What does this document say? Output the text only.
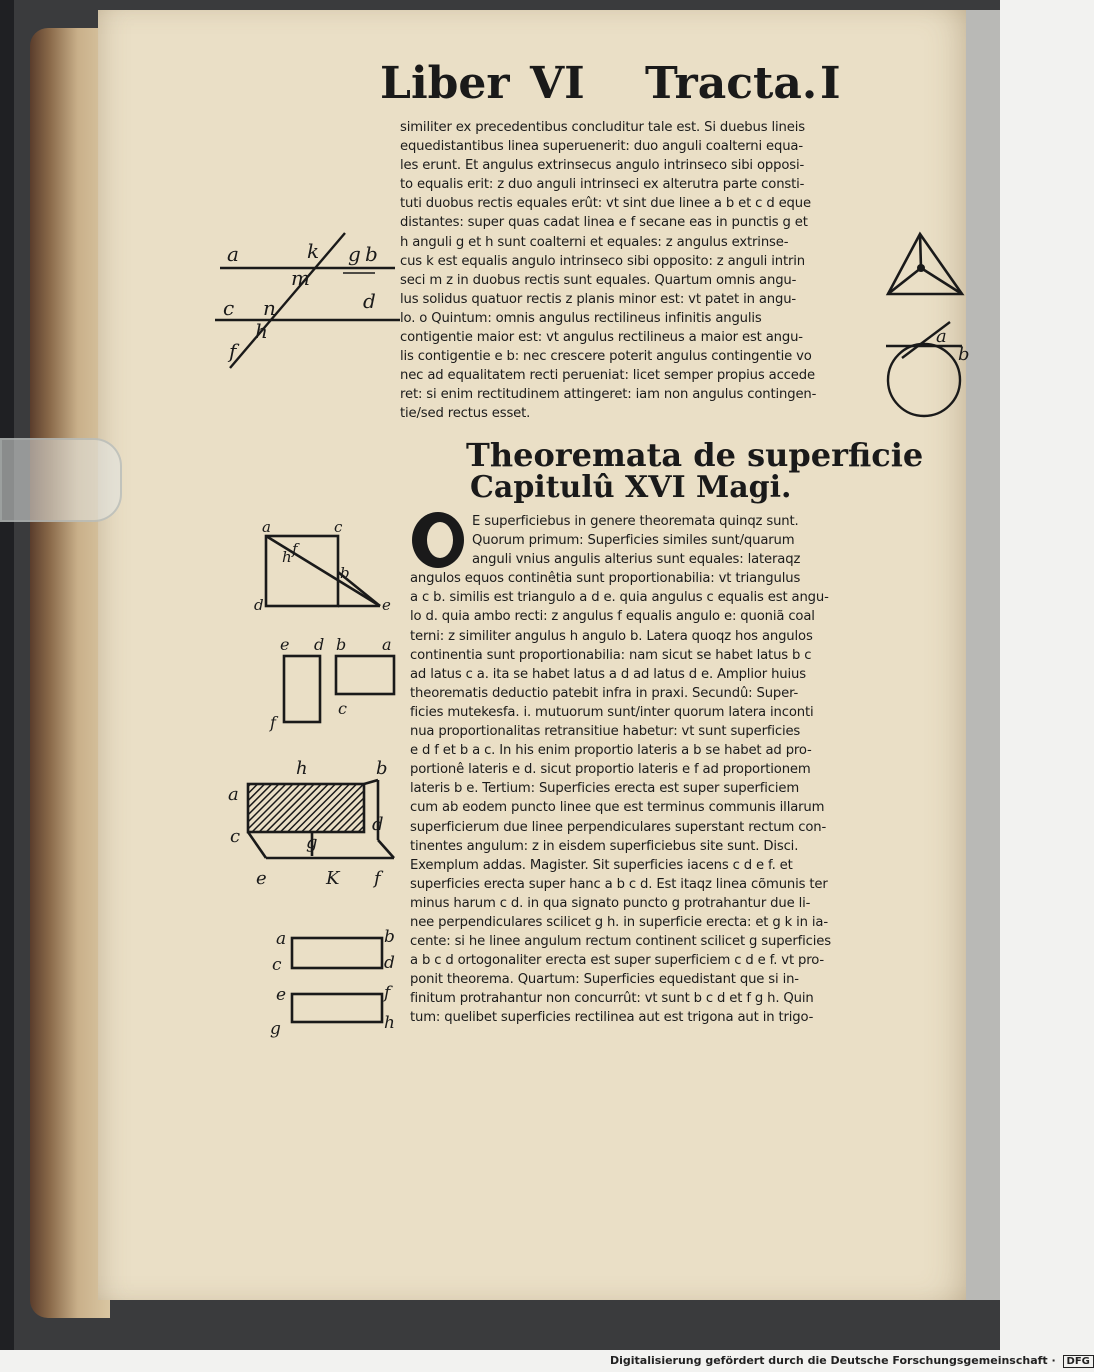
Liber VI Tracta. I
similiter ex precedentibus concluditur tale est. Si duebus lineis
equedistantibus linea superuenerit: duo anguli coalterni equa-
les erunt. Et angulus extrinsecus angulo intrinseco sibi opposi-
to equalis erit: z duo anguli intrinseci ex alterutra parte consti-
tuti duobus rectis equales erût: vt sint due linee a b et c d eque
distantes: super quas cadat linea e f secane eas in punctis g et
h anguli g et h sunt coalterni et equales: z angulus extrinse-
cus k est equalis angulo intrinseco sibi opposito: z anguli intrin
seci m z in duobus rectis sunt equales. Quartum omnis angu-
lus solidus quatuor rectis z planis minor est: vt patet in angu-
lo. o Quintum: omnis angulus rectilineus infinitis angulis
contigentie maior est: vt angulus rectilineus a maior est angu-
lis contigentie e b: nec crescere poterit angulus contingentie vo
nec ad equalitatem recti perueniat: licet semper propius accede
ret: si enim rectitudinem attingeret: iam non angulus contingen-
tie/sed rectus esset.
Theoremata de superficie
Capitulû XVI Magi.
E superficiebus in genere theoremata quinqz sunt.
Quorum primum: Superficies similes sunt/quarum
anguli vnius angulis alterius sunt equales: lateraqz
angulos equos continêtia sunt proportionabilia: vt triangulus
a c b. similis est triangulo a d e. quia angulus c equalis est angu-
lo d. quia ambo recti: z angulus f equalis angulo e: quoniã coal
terni: z similiter angulus h angulo b. Latera quoqz hos angulos
continentia sunt proportionabilia: nam sicut se habet latus b c
ad latus c a. ita se habet latus a d ad latus d e. Amplior huius
theorematis deductio patebit infra in praxi. Secundû: Super-
ficies mutekesfa. i. mutuorum sunt/inter quorum latera inconti
nua proportionalitas retransitiue habetur: vt sunt superficies
e d f et b a c. In his enim proportio lateris a b se habet ad pro-
portionê lateris e d. sicut proportio lateris e f ad proportionem
lateris b e. Tertium: Superficies erecta est super superficiem
cum ab eodem puncto linee que est terminus communis illarum
superficierum due linee perpendiculares superstant rectum con-
tinentes angulum: z in eisdem superficiebus site sunt. Disci.
Exemplum addas. Magister. Sit superficies iacens c d e f. et
superficies erecta super hanc a b c d. Est itaqz linea cõmunis ter
minus harum c d. in qua signato puncto g protrahantur due li-
nee perpendiculares scilicet g h. in superficie erecta: et g k in ia-
cente: si he linee angulum rectum continent scilicet g superficies
a b c d ortogonaliter erecta est super superficiem c d e f. vt pro-
ponit theorema. Quartum: Superficies equedistant que si in-
finitum protrahantur non concurrût: vt sunt b c d et f g h. Quin
tum: quelibet superficies rectilinea aut est trigona aut in trigo-
a	k g b
m
c n	d
h
f
a
b
a	c
h f
b
d	e
e d b a
f
c
h	b
a
c	g
d
e	K f
a	b
c	d
e	f
g	h
Digitalisierung gefördert durch die Deutsche Forschungsgemeinschaft · DFG
